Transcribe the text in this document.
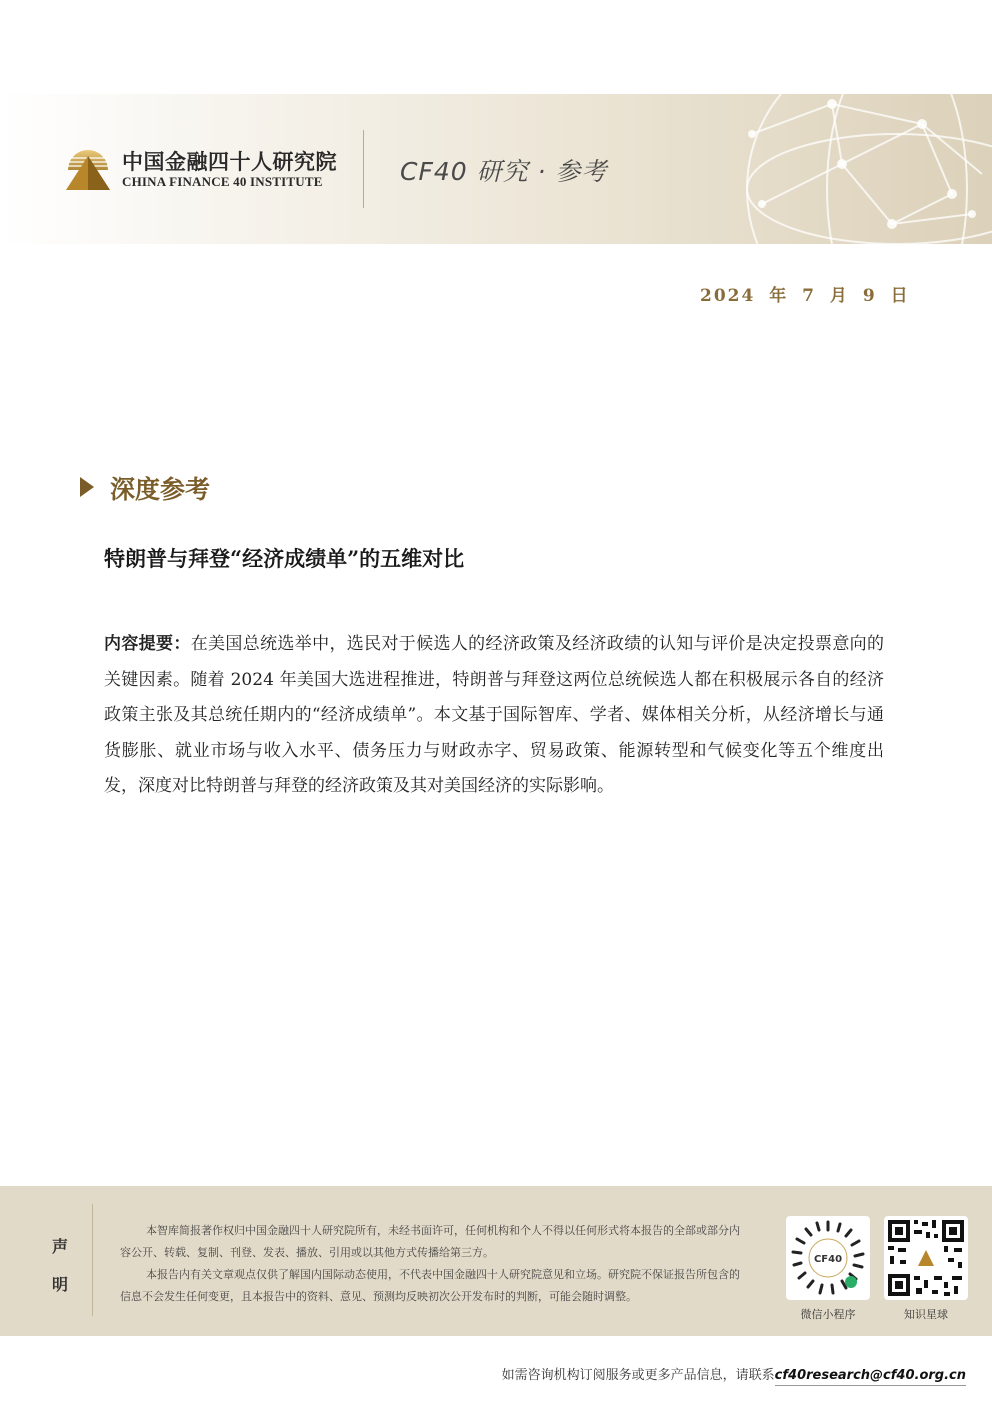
中国金融四十人研究院
CHINA FINANCE 40 INSTITUTE	CF40 研究 · 参考
2024 年 7 月 9 日
深度参考
特朗普与拜登“经济成绩单”的五维对比
内容提要：在美国总统选举中，选民对于候选人的经济政策及经济政绩的认知与评价是决定投票意向的关键因素。随着 2024 年美国大选进程推进，特朗普与拜登这两位总统候选人都在积极展示各自的经济政策主张及其总统任期内的“经济成绩单”。本文基于国际智库、学者、媒体相关分析，从经济增长与通货膨胀、就业市场与收入水平、债务压力与财政赤字、贸易政策、能源转型和气候变化等五个维度出发，深度对比特朗普与拜登的经济政策及其对美国经济的实际影响。
声
明

本智库简报著作权归中国金融四十人研究院所有，未经书面许可，任何机构和个人不得以任何形式将本报告的全部或部分内容公开、转载、复制、刊登、发表、播放、引用或以其他方式传播给第三方。

本报告内有关文章观点仅供了解国内国际动态使用，不代表中国金融四十人研究院意见和立场。研究院不保证报告所包含的信息不会发生任何变更，且本报告中的资料、意见、预测均反映初次公开发布时的判断，可能会随时调整。

CF40
微信小程序	知识星球
如需咨询机构订阅服务或更多产品信息，请联系cf40research@cf40.org.cn
